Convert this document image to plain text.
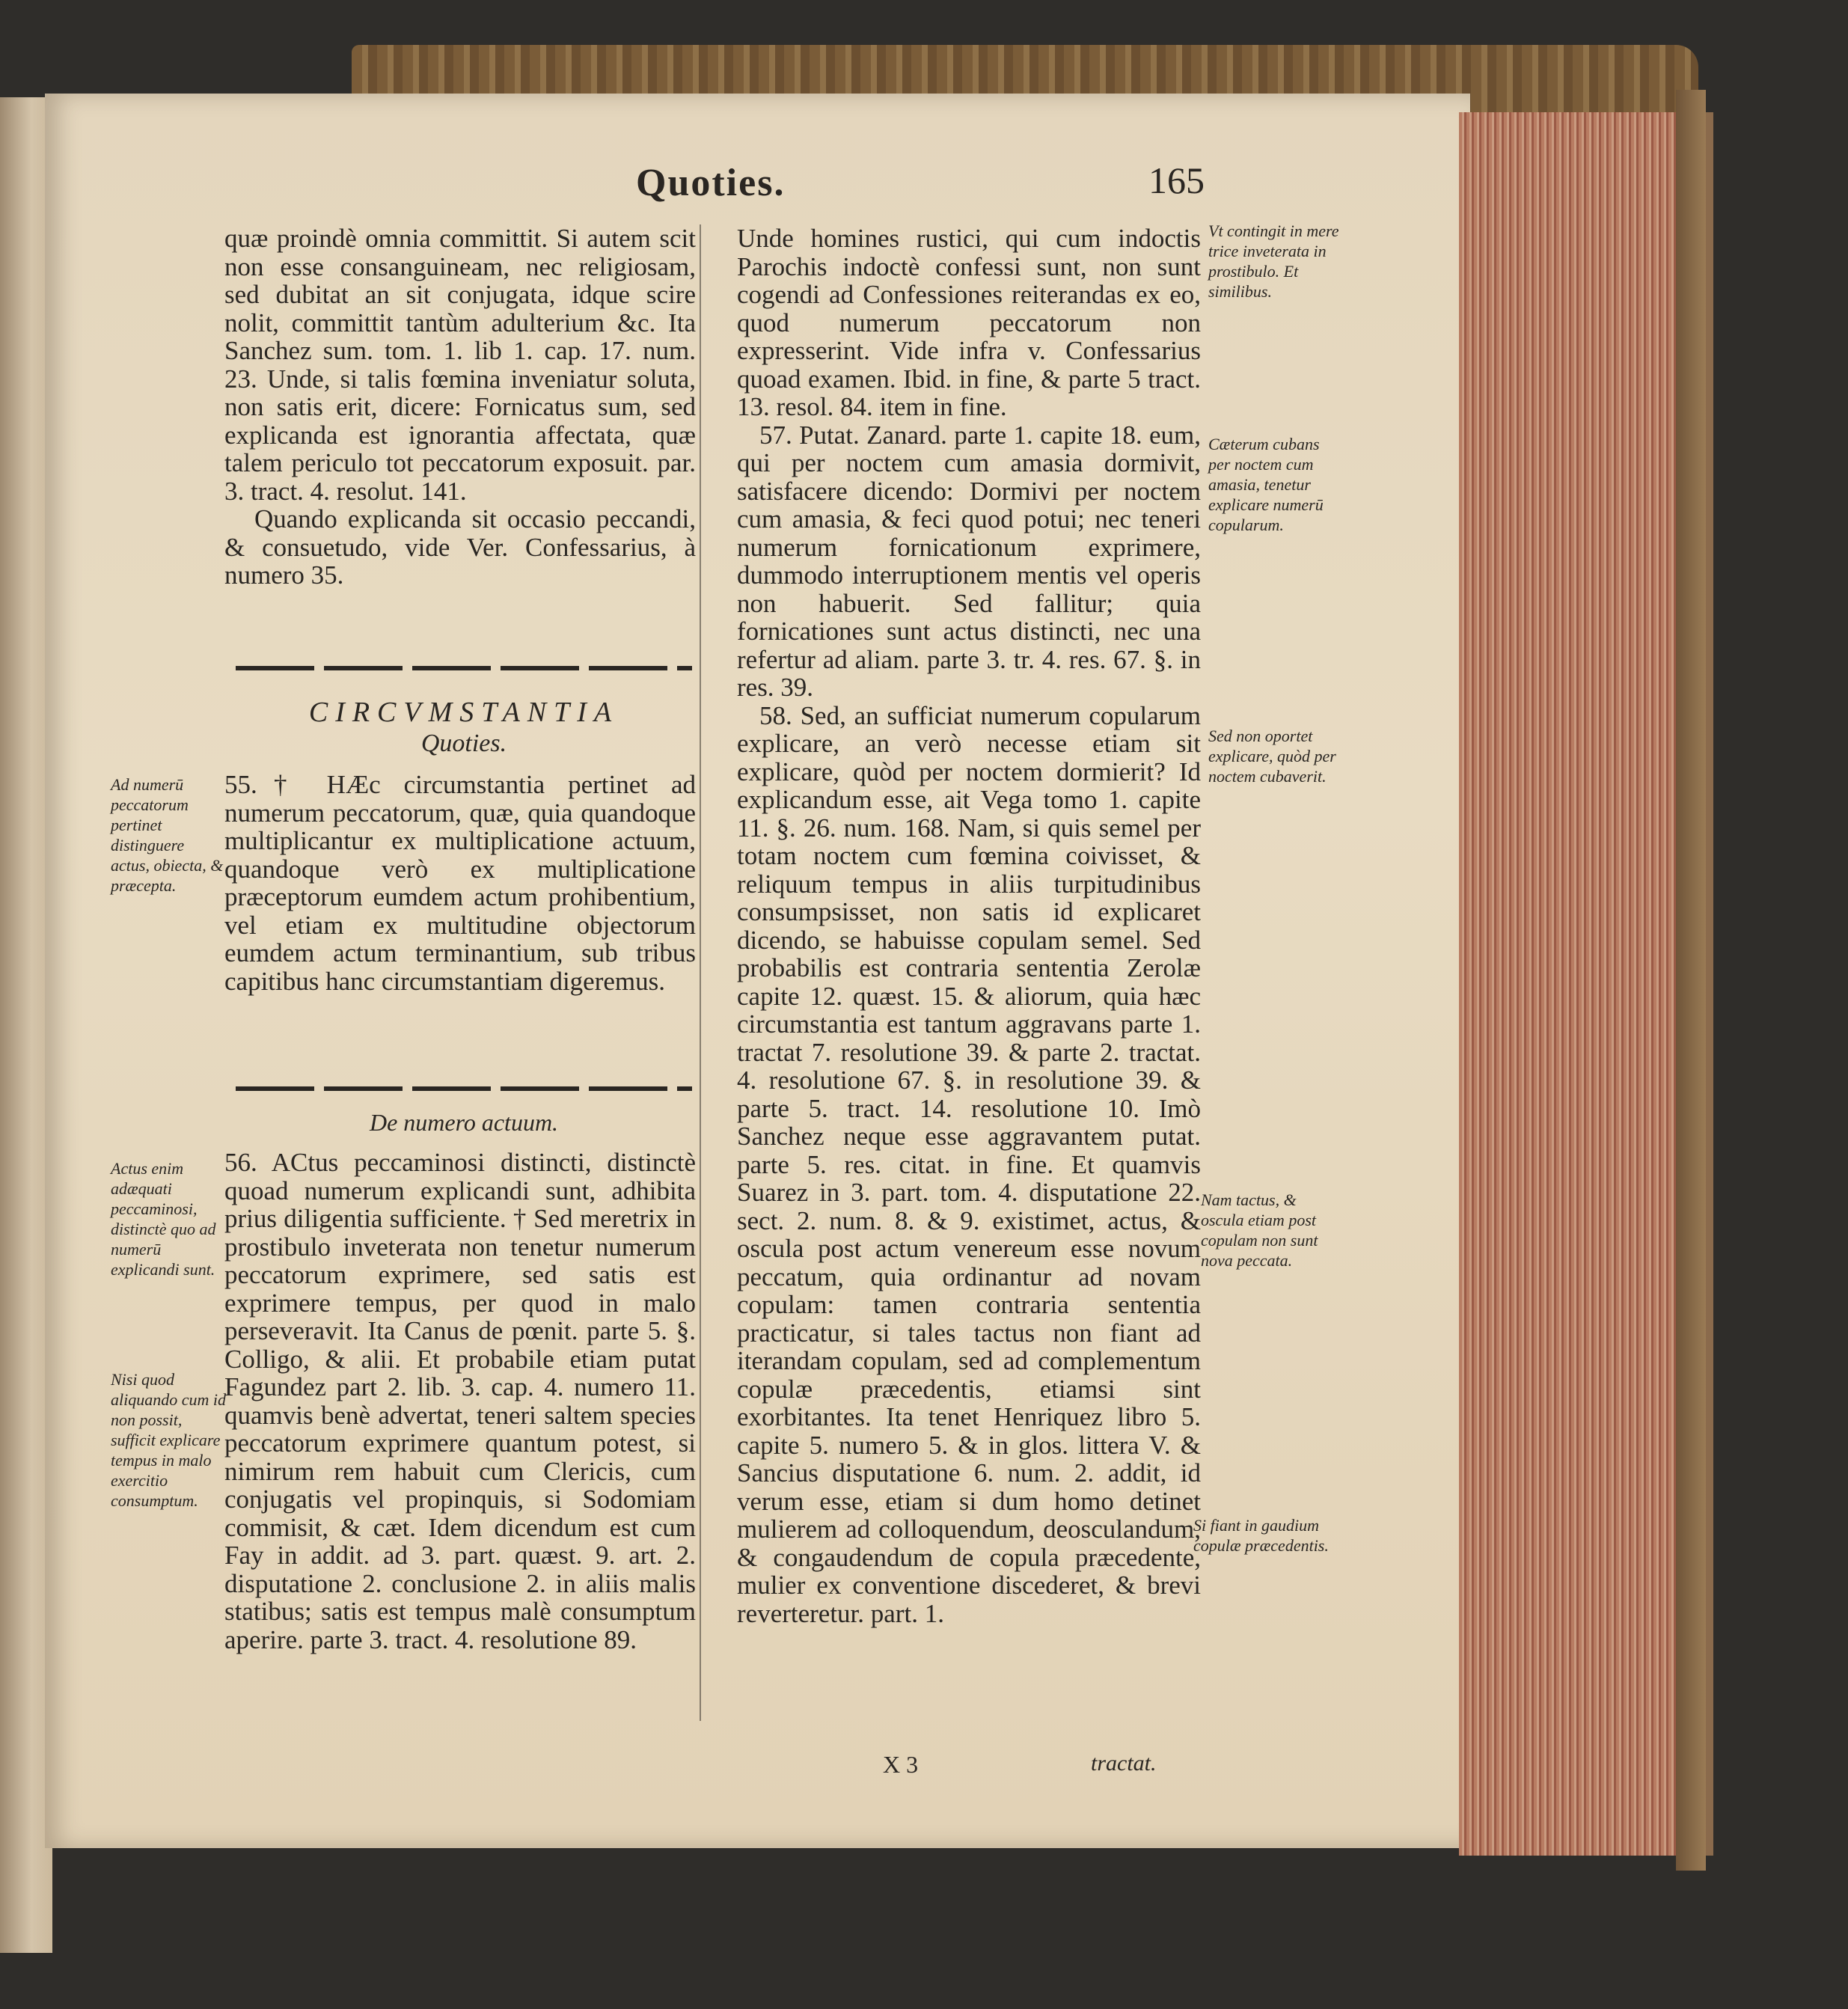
Quoties.	165

quæ proindè omnia committit. Si autem scit non esse consanguineam, nec religiosam, sed dubitat an sit conjugata, idque scire nolit, committit tantùm adulterium &c. Ita Sanchez sum. tom. 1. lib 1. cap. 17. num. 23. Unde, si talis fœmina inveniatur soluta, non satis erit, dicere: Fornicatus sum, sed explicanda est ignorantia affectata, quæ talem periculo tot peccatorum exposuit. par. 3. tract. 4. resolut. 141.

Quando explicanda sit occasio peccandi, & consuetudo, vide Ver. Confessarius, à numero 35.

CIRCVMSTANTIA
Quoties.

55.† HÆc circumstantia pertinet ad numerum peccatorum, quæ, quia quandoque multiplicantur ex multiplicatione actuum, quandoque verò ex multiplicatione præceptorum eumdem actum prohibentium, vel etiam ex multitudine objectorum eumdem actum terminantium, sub tribus capitibus hanc circumstantiam digeremus.

De numero actuum.

56. ACtus peccaminosi distincti, distinctè quoad numerum explicandi sunt, adhibita prius diligentia sufficiente. † Sed meretrix in prostibulo inveterata non tenetur numerum peccatorum exprimere, sed satis est exprimere tempus, per quod in malo perseveravit. Ita Canus de pœnit. parte 5. §. Colligo, & alii. Et probabile etiam putat Fagundez part 2. lib. 3. cap. 4. numero 11. quamvis benè advertat, teneri saltem species peccatorum exprimere quantum potest, si nimirum rem habuit cum Clericis, cum conjugatis vel propinquis, si Sodomiam commisit, & cæt. Idem dicendum est cum Fay in addit. ad 3. part. quæst. 9. art. 2. disputatione 2. conclusione 2. in aliis malis statibus; satis est tempus malè consumptum aperire. parte 3. tract. 4. resolutione 89.

Ad numerū peccatorum pertinet distinguere actus, obiecta, & præcepta.
Actus enim adæquati peccaminosi, distinctè quo ad numerū explicandi sunt.
Nisi quod aliquando cum id non possit, sufficit explicare tempus in malo exercitio consumptum.

Unde homines rustici, qui cum indoctis Parochis indoctè confessi sunt, non sunt cogendi ad Confessiones reiterandas ex eo, quod numerum peccatorum non expresserint. Vide infra v. Confessarius quoad examen. Ibid. in fine, & parte 5 tract. 13. resol. 84. item in fine.

57. Putat. Zanard. parte 1. capite 18. eum, qui per noctem cum amasia dormivit, satisfacere dicendo: Dormivi per noctem cum amasia, & feci quod potui; nec teneri numerum fornicationum exprimere, dummodo interruptionem mentis vel operis non habuerit. Sed fallitur; quia fornicationes sunt actus distincti, nec una refertur ad aliam. parte 3. tr. 4. res. 67. §. in res. 39.

58. Sed, an sufficiat numerum copularum explicare, an verò necesse etiam sit explicare, quòd per noctem dormierit? Id explicandum esse, ait Vega tomo 1. capite 11. §. 26. num. 168. Nam, si quis semel per totam noctem cum fœmina coivisset, & reliquum tempus in aliis turpitudinibus consumpsisset, non satis id explicaret dicendo, se habuisse copulam semel. Sed probabilis est contraria sententia Zerolæ capite 12. quæst. 15. & aliorum, quia hæc circumstantia est tantum aggravans parte 1. tractat 7. resolutione 39. & parte 2. tractat. 4. resolutione 67. §. in resolutione 39. & parte 5. tract. 14. resolutione 10. Imò Sanchez neque esse aggravantem putat. parte 5. res. citat. in fine. Et quamvis Suarez in 3. part. tom. 4. disputatione 22. sect. 2. num. 8. & 9. existimet, actus, & oscula post actum venereum esse novum peccatum, quia ordinantur ad novam copulam: tamen contraria sententia practicatur, si tales tactus non fiant ad iterandam copulam, sed ad complementum copulæ præcedentis, etiamsi sint exorbitantes. Ita tenet Henriquez libro 5. capite 5. numero 5. & in glos. littera V. & Sancius disputatione 6. num. 2. addit, id verum esse, etiam si dum homo detinet mulierem ad colloquendum, deosculandum, & congaudendum de copula præcedente, mulier ex conventione discederet, & brevi reverteretur. part. 1.

Vt contingit in mere trice inveterata in prostibulo. Et similibus.
Cæterum cubans per noctem cum amasia, tenetur explicare numerū copularum.
Sed non oportet explicare, quòd per noctem cubaverit.
Nam tactus, & oscula etiam post copulam non sunt nova peccata.
Si fiant in gaudium copulæ præcedentis.
X 3	tractat.
